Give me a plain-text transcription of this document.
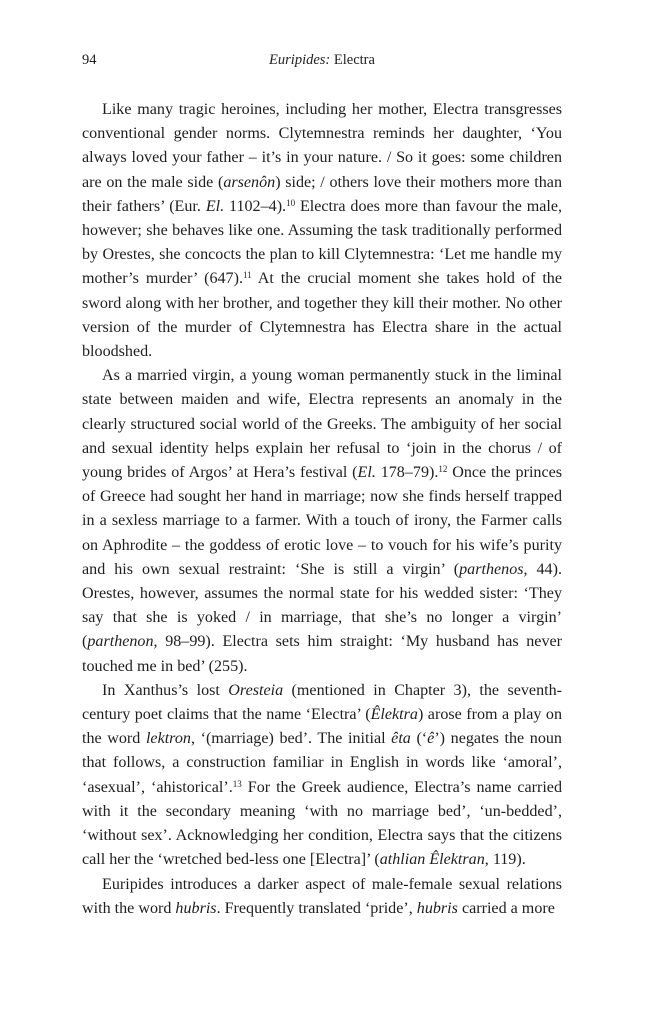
94	Euripides: Electra

Like many tragic heroines, including her mother, Electra transgresses conventional gender norms. Clytemnestra reminds her daughter, ‘You always loved your father – it’s in your nature. / So it goes: some children are on the male side (arsenôn) side; / others love their mothers more than their fathers’ (Eur. El. 1102–4).$^{10}$ Electra does more than favour the male, however; she behaves like one. Assuming the task traditionally performed by Orestes, she concocts the plan to kill Clytemnestra: ‘Let me handle my mother’s murder’ (647).$^{11}$ At the crucial moment she takes hold of the sword along with her brother, and together they kill their mother. No other version of the murder of Clytemnestra has Electra share in the actual bloodshed.

As a married virgin, a young woman permanently stuck in the liminal state between maiden and wife, Electra represents an anomaly in the clearly structured social world of the Greeks. The ambiguity of her social and sexual identity helps explain her refusal to ‘join in the chorus / of young brides of Argos’ at Hera’s festival (El. 178–79).$^{12}$ Once the princes of Greece had sought her hand in marriage; now she finds herself trapped in a sexless marriage to a farmer. With a touch of irony, the Farmer calls on Aphrodite – the goddess of erotic love – to vouch for his wife’s purity and his own sexual restraint: ‘She is still a virgin’ (parthenos, 44). Orestes, however, assumes the normal state for his wedded sister: ‘They say that she is yoked / in marriage, that she’s no longer a virgin’ (parthenon, 98–99). Electra sets him straight: ‘My husband has never touched me in bed’ (255).

In Xanthus’s lost Oresteia (mentioned in Chapter 3), the seventh-century poet claims that the name ‘Electra’ (Êlektra) arose from a play on the word lektron, ‘(marriage) bed’. The initial êta (‘ê’) negates the noun that follows, a construction familiar in English in words like ‘amoral’, ‘asexual’, ‘ahistorical’.$^{13}$ For the Greek audience, Electra’s name carried with it the secondary meaning ‘with no marriage bed’, ‘un-bedded’, ‘without sex’. Acknowledging her condition, Electra says that the citizens call her the ‘wretched bed-less one [Electra]’ (athlian Êlektran, 119).

Euripides introduces a darker aspect of male-female sexual relations with the word hubris. Frequently translated ‘pride’, hubris carried a more
